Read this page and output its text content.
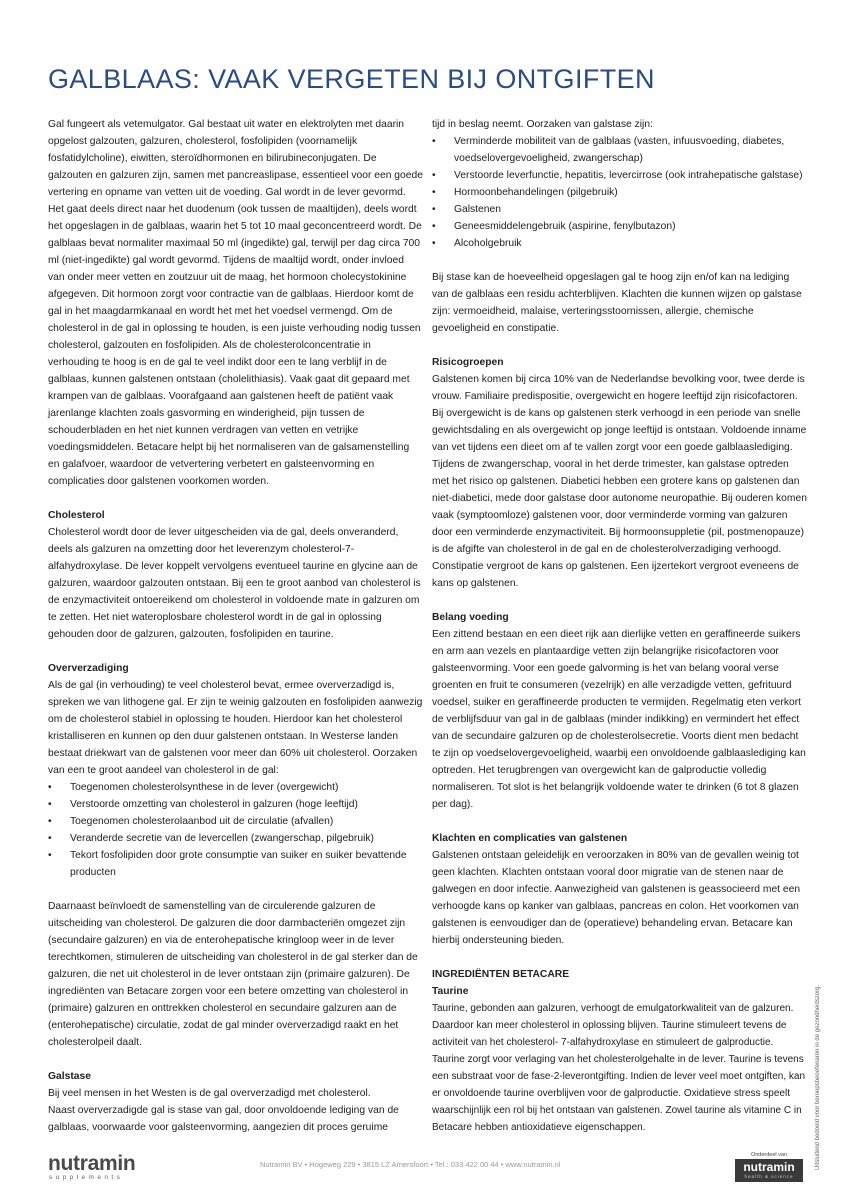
GALBLAAS: VAAK VERGETEN BIJ ONTGIFTEN

Gal fungeert als vetemulgator. Gal bestaat uit water en elektrolyten met daarin opgelost galzouten, galzuren, cholesterol, fosfolipiden (voornamelijk fosfatidylcholine), eiwitten, steroïdhormonen en bilirubineconjugaten. De galzouten en galzuren zijn, samen met pancreaslipase, essentieel voor een goede vertering en opname van vetten uit de voeding. Gal wordt in de lever gevormd. Het gaat deels direct naar het duodenum (ook tussen de maaltijden), deels wordt het opgeslagen in de galblaas, waarin het 5 tot 10 maal geconcentreerd wordt. De galblaas bevat normaliter maximaal 50 ml (ingedikte) gal, terwijl per dag circa 700 ml (niet-ingedikte) gal wordt gevormd. Tijdens de maaltijd wordt, onder invloed van onder meer vetten en zoutzuur uit de maag, het hormoon cholecystokinine afgegeven. Dit hormoon zorgt voor contractie van de galblaas. Hierdoor komt de gal in het maagdarmkanaal en wordt het met het voedsel vermengd. Om de cholesterol in de gal in oplossing te houden, is een juiste verhouding nodig tussen cholesterol, galzouten en fosfolipiden. Als de cholesterolconcentratie in verhouding te hoog is en de gal te veel indikt door een te lang verblijf in de galblaas, kunnen galstenen ontstaan (cholelithiasis). Vaak gaat dit gepaard met krampen van de galblaas. Voorafgaand aan galstenen heeft de patiënt vaak jarenlange klachten zoals gasvorming en winderigheid, pijn tussen de schouderbladen en het niet kunnen verdragen van vetten en vetrijke voedingsmiddelen. Betacare helpt bij het normaliseren van de galsamenstelling en galafvoer, waardoor de vetvertering verbetert en galsteenvorming en complicaties door galstenen voorkomen worden.

Cholesterol

Cholesterol wordt door de lever uitgescheiden via de gal, deels onveranderd, deels als galzuren na omzetting door het leverenzym cholesterol-7-alfahydroxylase. De lever koppelt vervolgens eventueel taurine en glycine aan de galzuren, waardoor galzouten ontstaan. Bij een te groot aanbod van cholesterol is de enzymactiviteit ontoereikend om cholesterol in voldoende mate in galzuren om te zetten. Het niet wateroplosbare cholesterol wordt in de gal in oplossing gehouden door de galzuren, galzouten, fosfolipiden en taurine.

Oververzadiging

Als de gal (in verhouding) te veel cholesterol bevat, ermee oververzadigd is, spreken we van lithogene gal. Er zijn te weinig galzouten en fosfolipiden aanwezig om de cholesterol stabiel in oplossing te houden. Hierdoor kan het cholesterol kristalliseren en kunnen op den duur galstenen ontstaan. In Westerse landen bestaat driekwart van de galstenen voor meer dan 60% uit cholesterol. Oorzaken van een te groot aandeel van cholesterol in de gal:

• Toegenomen cholesterolsynthese in de lever (overgewicht)
• Verstoorde omzetting van cholesterol in galzuren (hoge leeftijd)
• Toegenomen cholesterolaanbod uit de circulatie (afvallen)
• Veranderde secretie van de levercellen (zwangerschap, pilgebruik)
• Tekort fosfolipiden door grote consumptie van suiker en suiker bevattende producten

Daarnaast beïnvloedt de samenstelling van de circulerende galzuren de uitscheiding van cholesterol. De galzuren die door darmbacteriën omgezet zijn (secundaire galzuren) en via de enterohepatische kringloop weer in de lever terechtkomen, stimuleren de uitscheiding van cholesterol in de gal sterker dan de galzuren, die net uit cholesterol in de lever ontstaan zijn (primaire galzuren). De ingrediënten van Betacare zorgen voor een betere omzetting van cholesterol in (primaire) galzuren en onttrekken cholesterol en secundaire galzuren aan de (enterohepatische) circulatie, zodat de gal minder oververzadigd raakt en het cholesterolpeil daalt.

Galstase

Bij veel mensen in het Westen is de gal oververzadigd met cholesterol.

Naast oververzadigde gal is stase van gal, door onvoldoende lediging van de galblaas, voorwaarde voor galsteenvorming, aangezien dit proces geruime

tijd in beslag neemt. Oorzaken van galstase zijn:

• Verminderde mobiliteit van de galblaas (vasten, infuusvoeding, diabetes, voedselovergevoeligheid, zwangerschap)
• Verstoorde leverfunctie, hepatitis, levercirrose (ook intrahepatische galstase)
• Hormoonbehandelingen (pilgebruik)
• Galstenen
• Geneesmiddelengebruik (aspirine, fenylbutazon)
• Alcoholgebruik

Bij stase kan de hoeveelheid opgeslagen gal te hoog zijn en/of kan na lediging van de galblaas een residu achterblijven. Klachten die kunnen wijzen op galstase zijn: vermoeidheid, malaise, verteringsstoornissen, allergie, chemische gevoeligheid en constipatie.

Risicogroepen

Galstenen komen bij circa 10% van de Nederlandse bevolking voor, twee derde is vrouw. Familiaire predispositie, overgewicht en hogere leeftijd zijn risicofactoren. Bij overgewicht is de kans op galstenen sterk verhoogd in een periode van snelle gewichtsdaling en als overgewicht op jonge leeftijd is ontstaan. Voldoende inname van vet tijdens een dieet om af te vallen zorgt voor een goede galblaaslediging. Tijdens de zwangerschap, vooral in het derde trimester, kan galstase optreden met het risico op galstenen. Diabetici hebben een grotere kans op galstenen dan niet-diabetici, mede door galstase door autonome neuropathie. Bij ouderen komen vaak (symptoomloze) galstenen voor, door verminderde vorming van galzuren door een verminderde enzymactiviteit. Bij hormoonsuppletie (pil, postmenopauze) is de afgifte van cholesterol in de gal en de cholesterolverzadiging verhoogd. Constipatie vergroot de kans op galstenen. Een ijzertekort vergroot eveneens de kans op galstenen.

Belang voeding

Een zittend bestaan en een dieet rijk aan dierlijke vetten en geraffineerde suikers en arm aan vezels en plantaardige vetten zijn belangrijke risicofactoren voor galsteenvorming. Voor een goede galvorming is het van belang vooral verse groenten en fruit te consumeren (vezelrijk) en alle verzadigde vetten, gefrituurd voedsel, suiker en geraffineerde producten te vermijden. Regelmatig eten verkort de verblijfsduur van gal in de galblaas (minder indikking) en vermindert het effect van de secundaire galzuren op de cholesterolsecretie. Voorts dient men bedacht te zijn op voedselovergevoeligheid, waarbij een onvoldoende galblaaslediging kan optreden. Het terugbrengen van overgewicht kan de galproductie volledig normaliseren. Tot slot is het belangrijk voldoende water te drinken (6 tot 8 glazen per dag).

Klachten en complicaties van galstenen

Galstenen ontstaan geleidelijk en veroorzaken in 80% van de gevallen weinig tot geen klachten. Klachten ontstaan vooral door migratie van de stenen naar de galwegen en door infectie. Aanwezigheid van galstenen is geassocieerd met een verhoogde kans op kanker van galblaas, pancreas en colon. Het voorkomen van galstenen is eenvoudiger dan de (operatieve) behandeling ervan. Betacare kan hierbij ondersteuning bieden.

INGREDIËNTEN BETACARE
Taurine

Taurine, gebonden aan galzuren, verhoogt de emulgatorkwaliteit van de galzuren. Daardoor kan meer cholesterol in oplossing blijven. Taurine stimuleert tevens de activiteit van het cholesterol- 7-alfahydroxylase en stimuleert de galproductie. Taurine zorgt voor verlaging van het cholesterolgehalte in de lever. Taurine is tevens een substraat voor de fase-2-leverontgifting. Indien de lever veel moet ontgiften, kan er onvoldoende taurine overblijven voor de galproductie. Oxidatieve stress speelt waarschijnlijk een rol bij het ontstaan van galstenen. Zowel taurine als vitamine C in Betacare hebben antioxidatieve eigenschappen.	Uitsluitend bedoeld voor beroepsbeoefenaren in de gezondheidszorg.
nutramin
supplements
Nutramin BV • Hogeweg 229 • 3815 LZ Amersfoort • Tel.: 033 422 00 44 • www.nutramin.nl
Onderdeel van
nutramin
health & science
